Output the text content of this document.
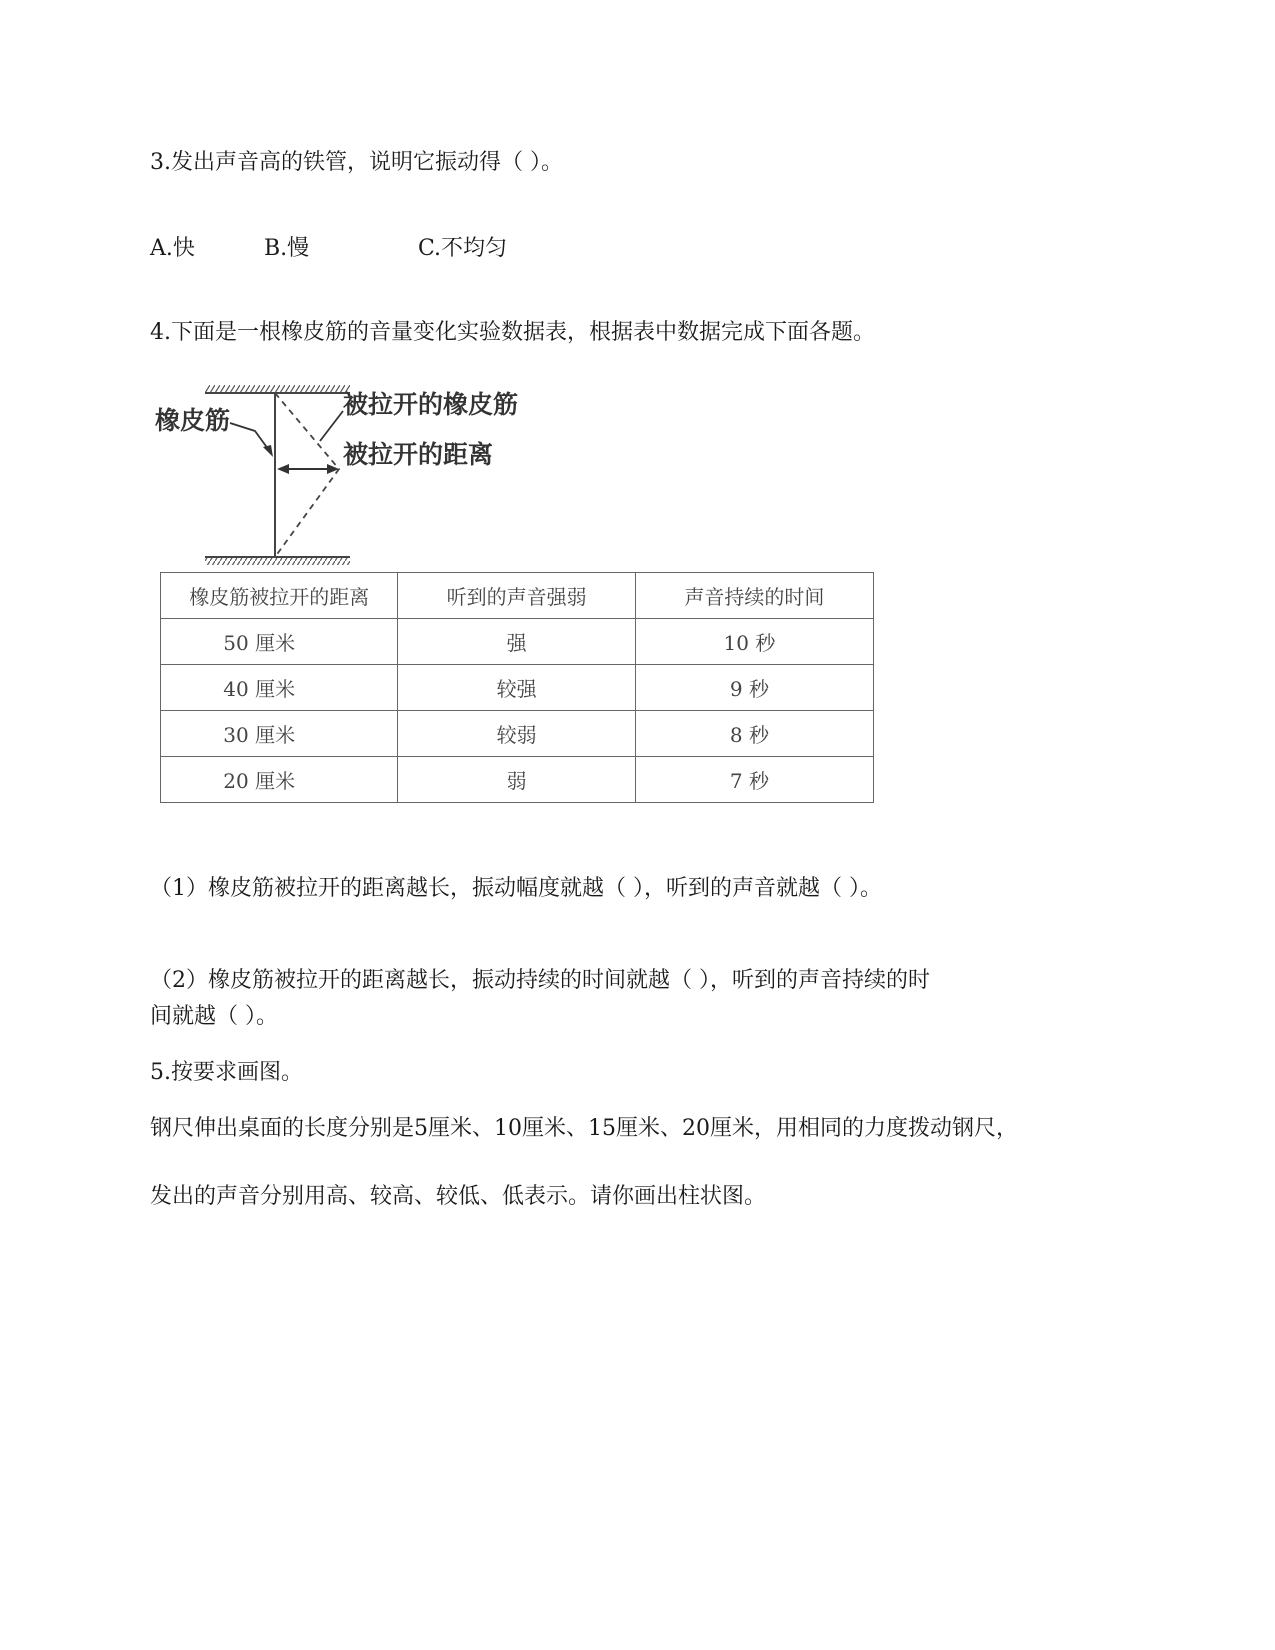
3.发出声音高的铁管，说明它振动得（ ）。
A.快	B.慢	C.不均匀
4.下面是一根橡皮筋的音量变化实验数据表，根据表中数据完成下面各题。
橡皮筋
被拉开的橡皮筋
被拉开的距离
橡皮筋被拉开的距离	听到的声音强弱	声音持续的时间
50 厘米	强	10 秒
40 厘米	较强	9 秒
30 厘米	较弱	8 秒
20 厘米	弱	7 秒
（1）橡皮筋被拉开的距离越长，振动幅度就越（ ），听到的声音就越（ ）。
（2）橡皮筋被拉开的距离越长，振动持续的时间就越（ ），听到的声音持续的时
间就越（ ）。
5.按要求画图。
钢尺伸出桌面的长度分别是5厘米、10厘米、15厘米、20厘米，用相同的力度拨动钢尺，
发出的声音分别用高、较高、较低、低表示。请你画出柱状图。
